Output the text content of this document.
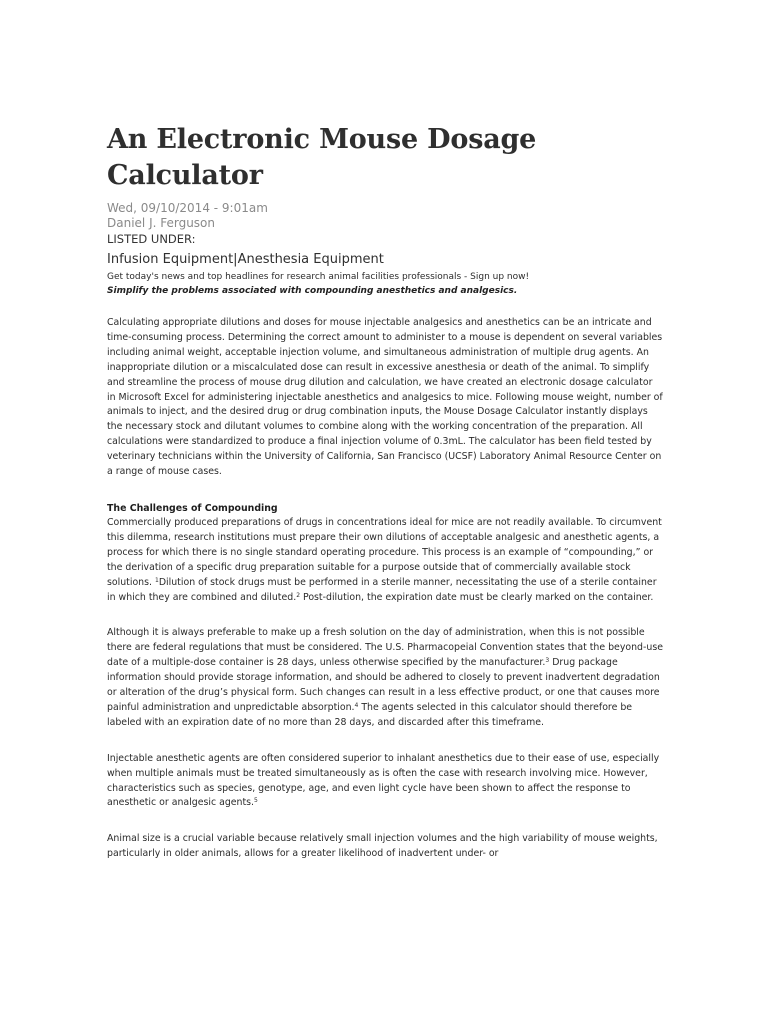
An Electronic Mouse Dosage Calculator
Wed, 09/10/2014 - 9:01am
Daniel J. Ferguson
LISTED UNDER:
Infusion Equipment|Anesthesia Equipment
Get today's news and top headlines for research animal facilities professionals - Sign up now!
Simplify the problems associated with compounding anesthetics and analgesics.

Calculating appropriate dilutions and doses for mouse injectable analgesics and anesthetics can be an intricate and time-consuming process. Determining the correct amount to administer to a mouse is dependent on several variables including animal weight, acceptable injection volume, and simultaneous administration of multiple drug agents. An inappropriate dilution or a miscalculated dose can result in excessive anesthesia or death of the animal. To simplify and streamline the process of mouse drug dilution and calculation, we have created an electronic dosage calculator in Microsoft Excel for administering injectable anesthetics and analgesics to mice. Following mouse weight, number of animals to inject, and the desired drug or drug combination inputs, the Mouse Dosage Calculator instantly displays the necessary stock and dilutant volumes to combine along with the working concentration of the preparation. All calculations were standardized to produce a final injection volume of 0.3mL. The calculator has been field tested by veterinary technicians within the University of California, San Francisco (UCSF) Laboratory Animal Resource Center on a range of mouse cases.

The Challenges of Compounding

Commercially produced preparations of drugs in concentrations ideal for mice are not readily available. To circumvent this dilemma, research institutions must prepare their own dilutions of acceptable analgesic and anesthetic agents, a process for which there is no single standard operating procedure. This process is an example of “compounding,” or the derivation of a specific drug preparation suitable for a purpose outside that of commercially available stock solutions. $^1$Dilution of stock drugs must be performed in a sterile manner, necessitating the use of a sterile container in which they are combined and diluted.$^2$ Post-dilution, the expiration date must be clearly marked on the container.

Although it is always preferable to make up a fresh solution on the day of administration, when this is not possible there are federal regulations that must be considered. The U.S. Pharmacopeial Convention states that the beyond-use date of a multiple-dose container is 28 days, unless otherwise specified by the manufacturer.$^3$ Drug package information should provide storage information, and should be adhered to closely to prevent inadvertent degradation or alteration of the drug’s physical form. Such changes can result in a less effective product, or one that causes more painful administration and unpredictable absorption.$^4$ The agents selected in this calculator should therefore be labeled with an expiration date of no more than 28 days, and discarded after this timeframe.

Injectable anesthetic agents are often considered superior to inhalant anesthetics due to their ease of use, especially when multiple animals must be treated simultaneously as is often the case with research involving mice. However, characteristics such as species, genotype, age, and even light cycle have been shown to affect the response to anesthetic or analgesic agents.$^5$

Animal size is a crucial variable because relatively small injection volumes and the high variability of mouse weights, particularly in older animals, allows for a greater likelihood of inadvertent under- or
